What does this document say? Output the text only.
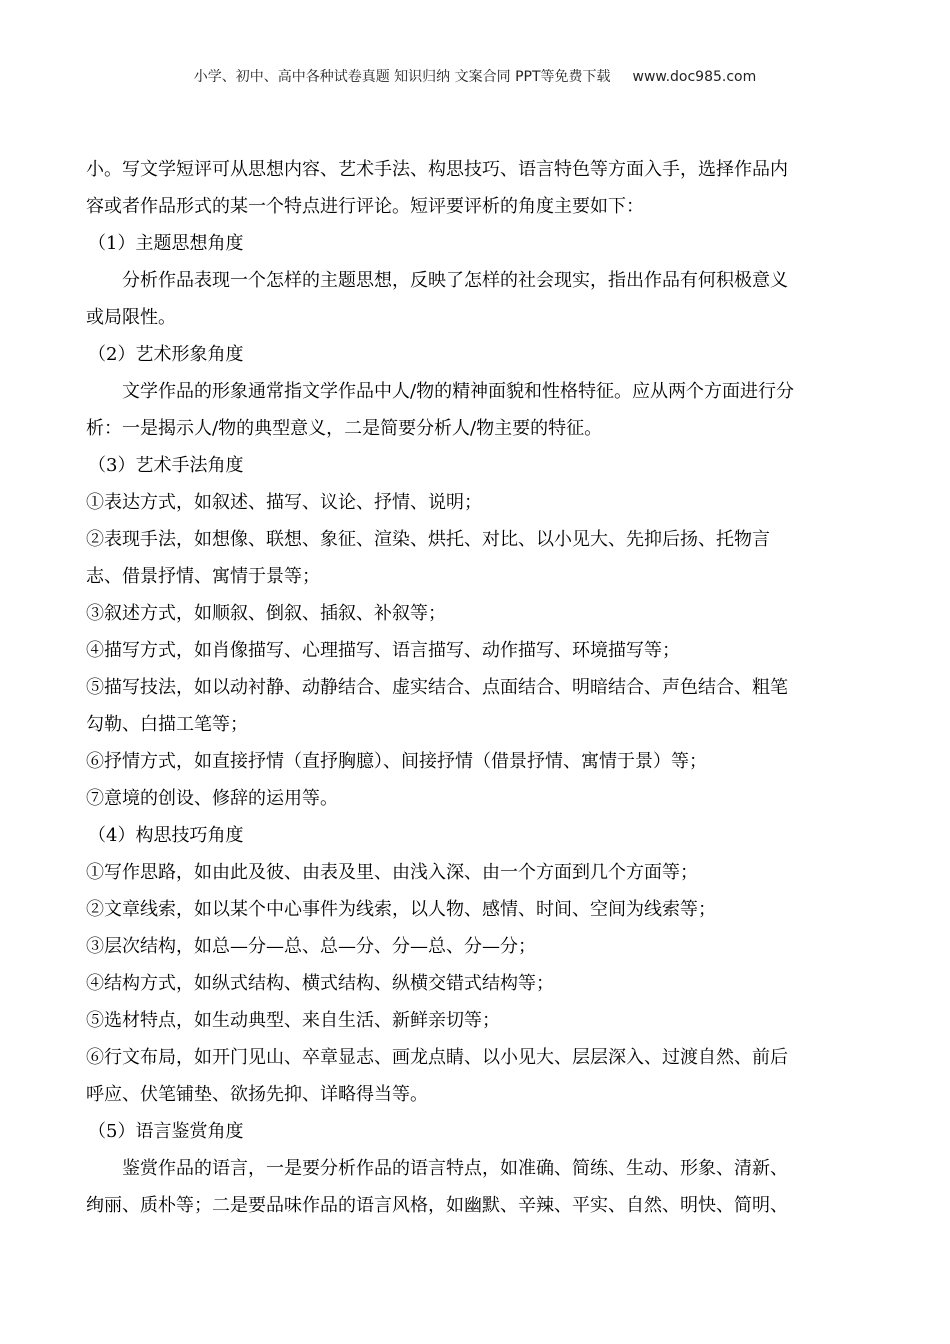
小学、初中、高中各种试卷真题 知识归纳 文案合同 PPT等免费下载 www.doc985.com
小。写文学短评可从思想内容、艺术手法、构思技巧、语言特色等方面入手，选择作品内
容或者作品形式的某一个特点进行评论。短评要评析的角度主要如下：
（1）主题思想角度
分析作品表现一个怎样的主题思想，反映了怎样的社会现实，指出作品有何积极意义
或局限性。
（2）艺术形象角度
文学作品的形象通常指文学作品中人/物的精神面貌和性格特征。应从两个方面进行分
析：一是揭示人/物的典型意义，二是简要分析人/物主要的特征。
（3）艺术手法角度
①表达方式，如叙述、描写、议论、抒情、说明；
②表现手法，如想像、联想、象征、渲染、烘托、对比、以小见大、先抑后扬、托物言
志、借景抒情、寓情于景等；
③叙述方式，如顺叙、倒叙、插叙、补叙等；
④描写方式，如肖像描写、心理描写、语言描写、动作描写、环境描写等；
⑤描写技法，如以动衬静、动静结合、虚实结合、点面结合、明暗结合、声色结合、粗笔
勾勒、白描工笔等；
⑥抒情方式，如直接抒情（直抒胸臆）、间接抒情（借景抒情、寓情于景）等；
⑦意境的创设、修辞的运用等。
（4）构思技巧角度
①写作思路，如由此及彼、由表及里、由浅入深、由一个方面到几个方面等；
②文章线索，如以某个中心事件为线索，以人物、感情、时间、空间为线索等；
③层次结构，如总—分—总、总—分、分—总、分—分；
④结构方式，如纵式结构、横式结构、纵横交错式结构等；
⑤选材特点，如生动典型、来自生活、新鲜亲切等；
⑥行文布局，如开门见山、卒章显志、画龙点睛、以小见大、层层深入、过渡自然、前后
呼应、伏笔铺垫、欲扬先抑、详略得当等。
（5）语言鉴赏角度
鉴赏作品的语言，一是要分析作品的语言特点，如准确、简练、生动、形象、清新、
绚丽、质朴等；二是要品味作品的语言风格，如幽默、辛辣、平实、自然、明快、简明、
